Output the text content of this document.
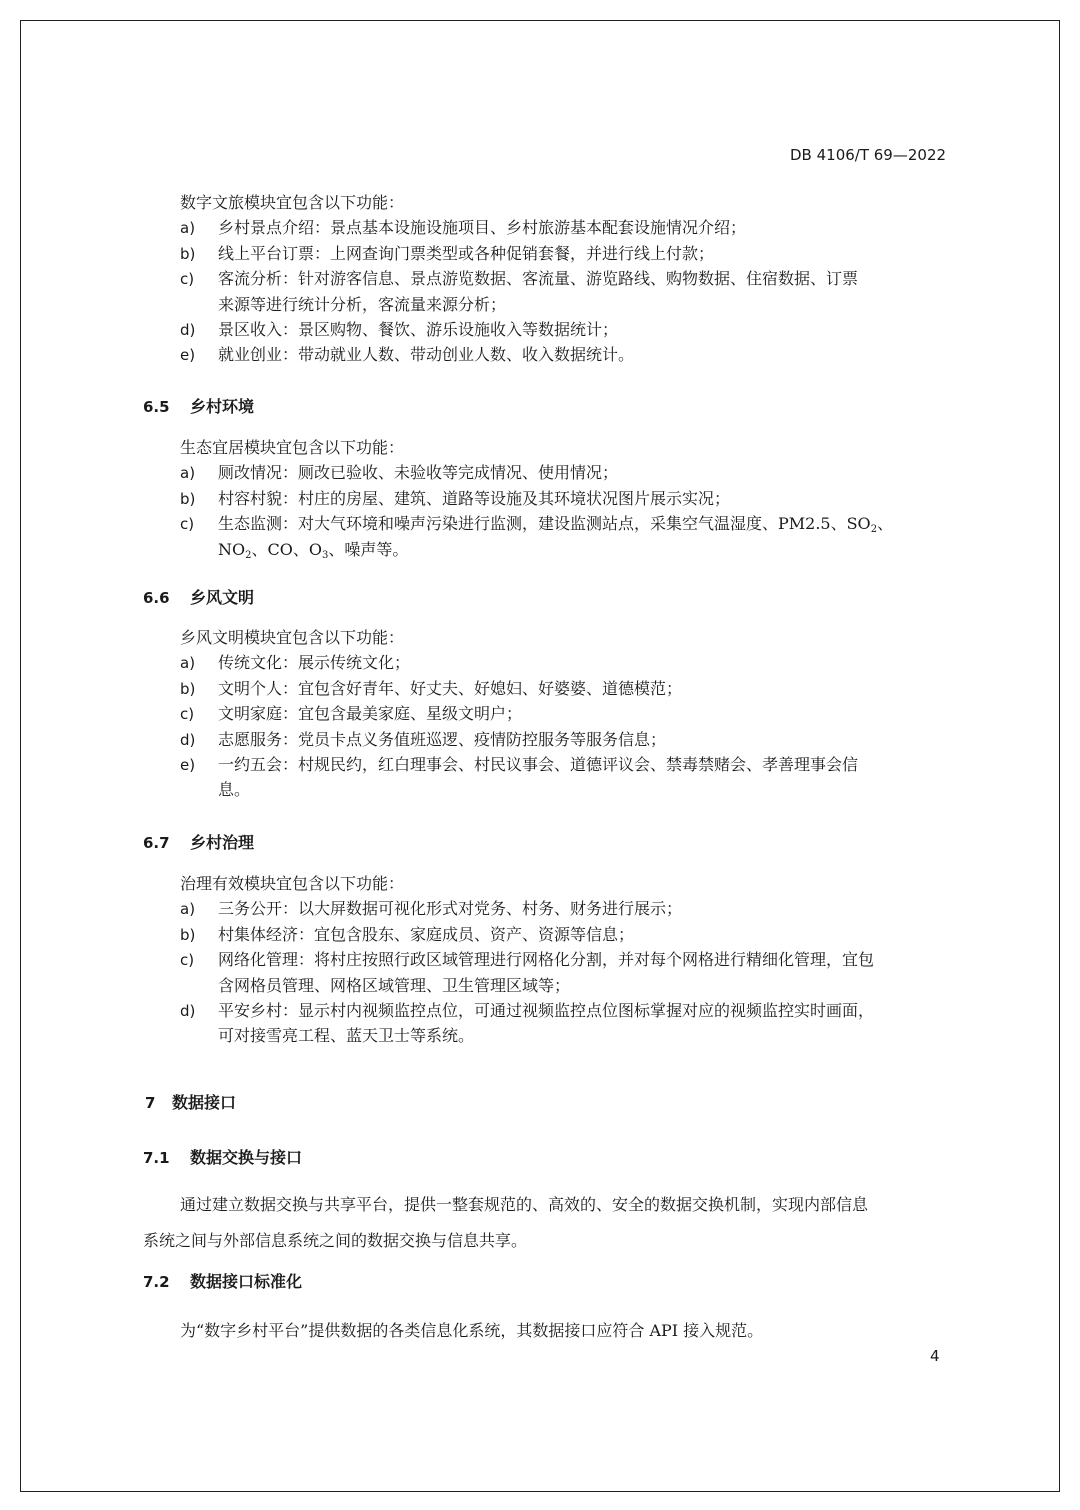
DB 4106/T 69—2022
数字文旅模块宜包含以下功能：
a) 乡村景点介绍：景点基本设施设施项目、乡村旅游基本配套设施情况介绍；
b) 线上平台订票：上网查询门票类型或各种促销套餐，并进行线上付款；
c) 客流分析：针对游客信息、景点游览数据、客流量、游览路线、购物数据、住宿数据、订票
来源等进行统计分析，客流量来源分析；
d) 景区收入：景区购物、餐饮、游乐设施收入等数据统计；
e) 就业创业：带动就业人数、带动创业人数、收入数据统计。
6.5 乡村环境
生态宜居模块宜包含以下功能：
a) 厕改情况：厕改已验收、未验收等完成情况、使用情况；
b) 村容村貌：村庄的房屋、建筑、道路等设施及其环境状况图片展示实况；
c) 生态监测：对大气环境和噪声污染进行监测，建设监测站点，采集空气温湿度、PM2.5、$SO_2$、
$NO_2$、CO、$O_3$、噪声等。
6.6 乡风文明
乡风文明模块宜包含以下功能：
a) 传统文化：展示传统文化；
b) 文明个人：宜包含好青年、好丈夫、好媳妇、好婆婆、道德模范；
c) 文明家庭：宜包含最美家庭、星级文明户；
d) 志愿服务：党员卡点义务值班巡逻、疫情防控服务等服务信息；
e) 一约五会：村规民约，红白理事会、村民议事会、道德评议会、禁毒禁赌会、孝善理事会信
息。
6.7 乡村治理
治理有效模块宜包含以下功能：
a) 三务公开：以大屏数据可视化形式对党务、村务、财务进行展示；
b) 村集体经济：宜包含股东、家庭成员、资产、资源等信息；
c) 网络化管理：将村庄按照行政区域管理进行网格化分割，并对每个网格进行精细化管理，宜包
含网格员管理、网格区域管理、卫生管理区域等；
d) 平安乡村：显示村内视频监控点位，可通过视频监控点位图标掌握对应的视频监控实时画面，
可对接雪亮工程、蓝天卫士等系统。
7 数据接口
7.1 数据交换与接口
通过建立数据交换与共享平台，提供一整套规范的、高效的、安全的数据交换机制，实现内部信息
系统之间与外部信息系统之间的数据交换与信息共享。
7.2 数据接口标准化
为“数字乡村平台”提供数据的各类信息化系统，其数据接口应符合 API 接入规范。
4
